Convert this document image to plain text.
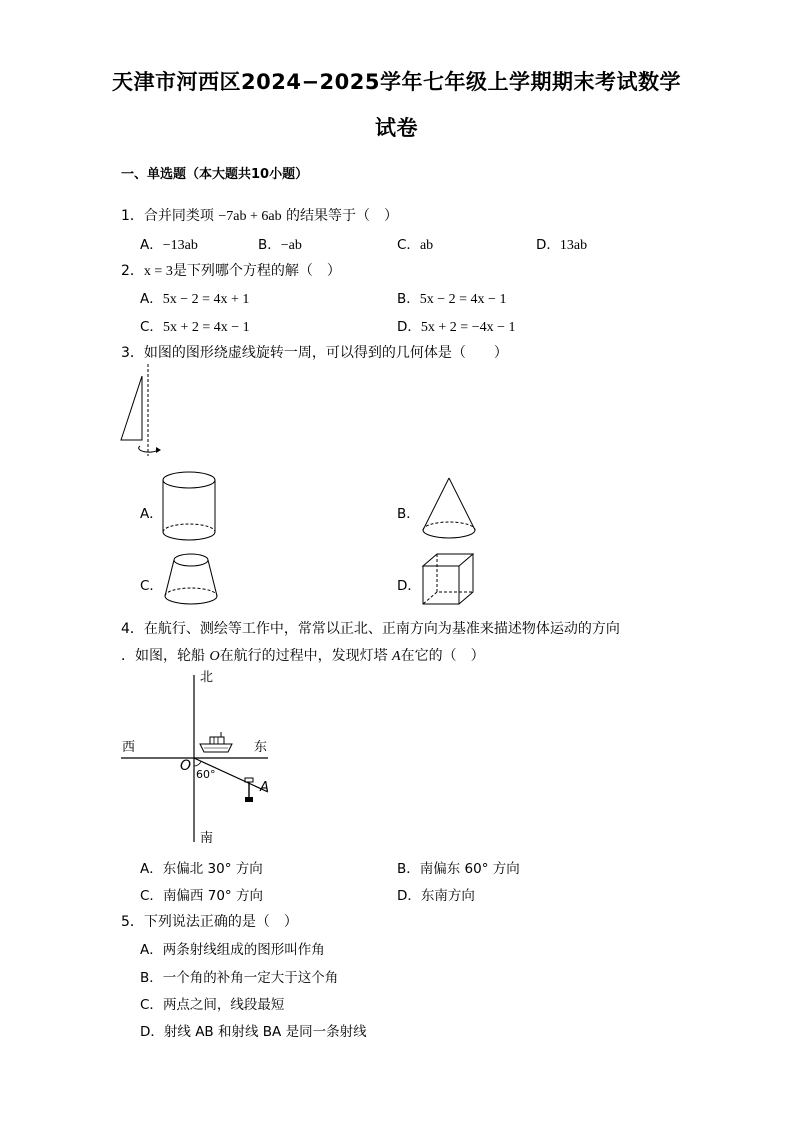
天津市河西区2024−2025学年七年级上学期期末考试数学
试卷
一、单选题（本大题共10小题）
1．合并同类项 −7ab + 6ab 的结果等于（　）
A．−13ab	B．−ab	C．ab	D．13ab
2．x = 3是下列哪个方程的解（　）
A．5x − 2 = 4x + 1	B．5x − 2 = 4x − 1
C．5x + 2 = 4x − 1	D．5x + 2 = −4x − 1
3．如图的图形绕虚线旋转一周，可以得到的几何体是（　　）
A．	B．
C．	D．
4．在航行、测绘等工作中，常常以正北、正南方向为基准来描述物体运动的方向
．如图，轮船 O在航行的过程中，发现灯塔 A在它的（　）
北
南
西	东
O
60°
A
A．东偏北 30° 方向	B．南偏东 60° 方向
C．南偏西 70° 方向	D．东南方向
5．下列说法正确的是（　）
A．两条射线组成的图形叫作角
B．一个角的补角一定大于这个角
C．两点之间，线段最短
D．射线 AB 和射线 BA 是同一条射线
